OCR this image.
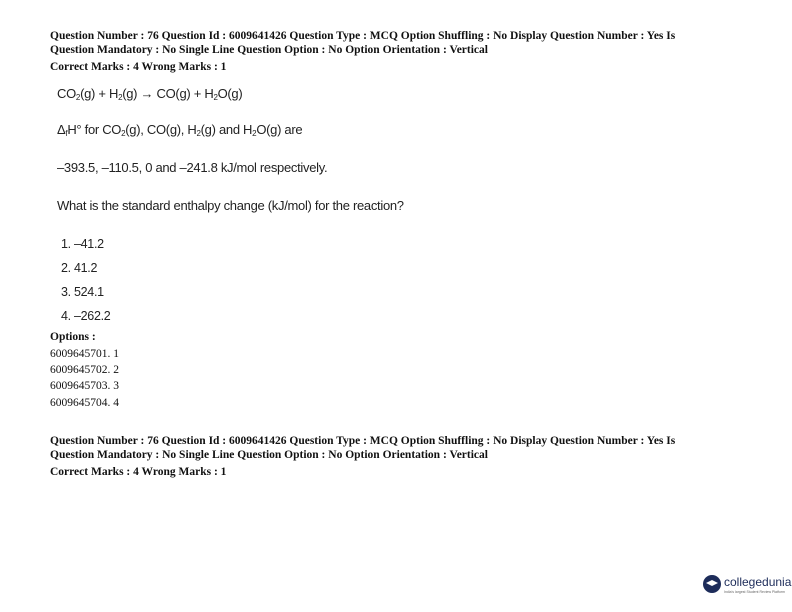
Question Number : 76 Question Id : 6009641426 Question Type : MCQ Option Shuffling : No Display Question Number : Yes Is
Question Mandatory : No Single Line Question Option : No Option Orientation : Vertical
Correct Marks : 4 Wrong Marks : 1
$CO_2(g) + H_2(g) \to CO(g) + H_2O(g)$
$\Delta_fH^\circ$ for $CO_2(g)$, CO(g), $H_2(g)$ and $H_2O(g)$ are
–393.5, –110.5, 0 and –241.8 kJ/mol respectively.
What is the standard enthalpy change (kJ/mol) for the reaction?
1. –41.2
2. 41.2
3. 524.1
4. –262.2
Options :
6009645701. 1
6009645702. 2
6009645703. 3
6009645704. 4
Question Number : 76 Question Id : 6009641426 Question Type : MCQ Option Shuffling : No Display Question Number : Yes Is
Question Mandatory : No Single Line Question Option : No Option Orientation : Vertical
Correct Marks : 4 Wrong Marks : 1
collegedunia
India's largest Student Review Platform
